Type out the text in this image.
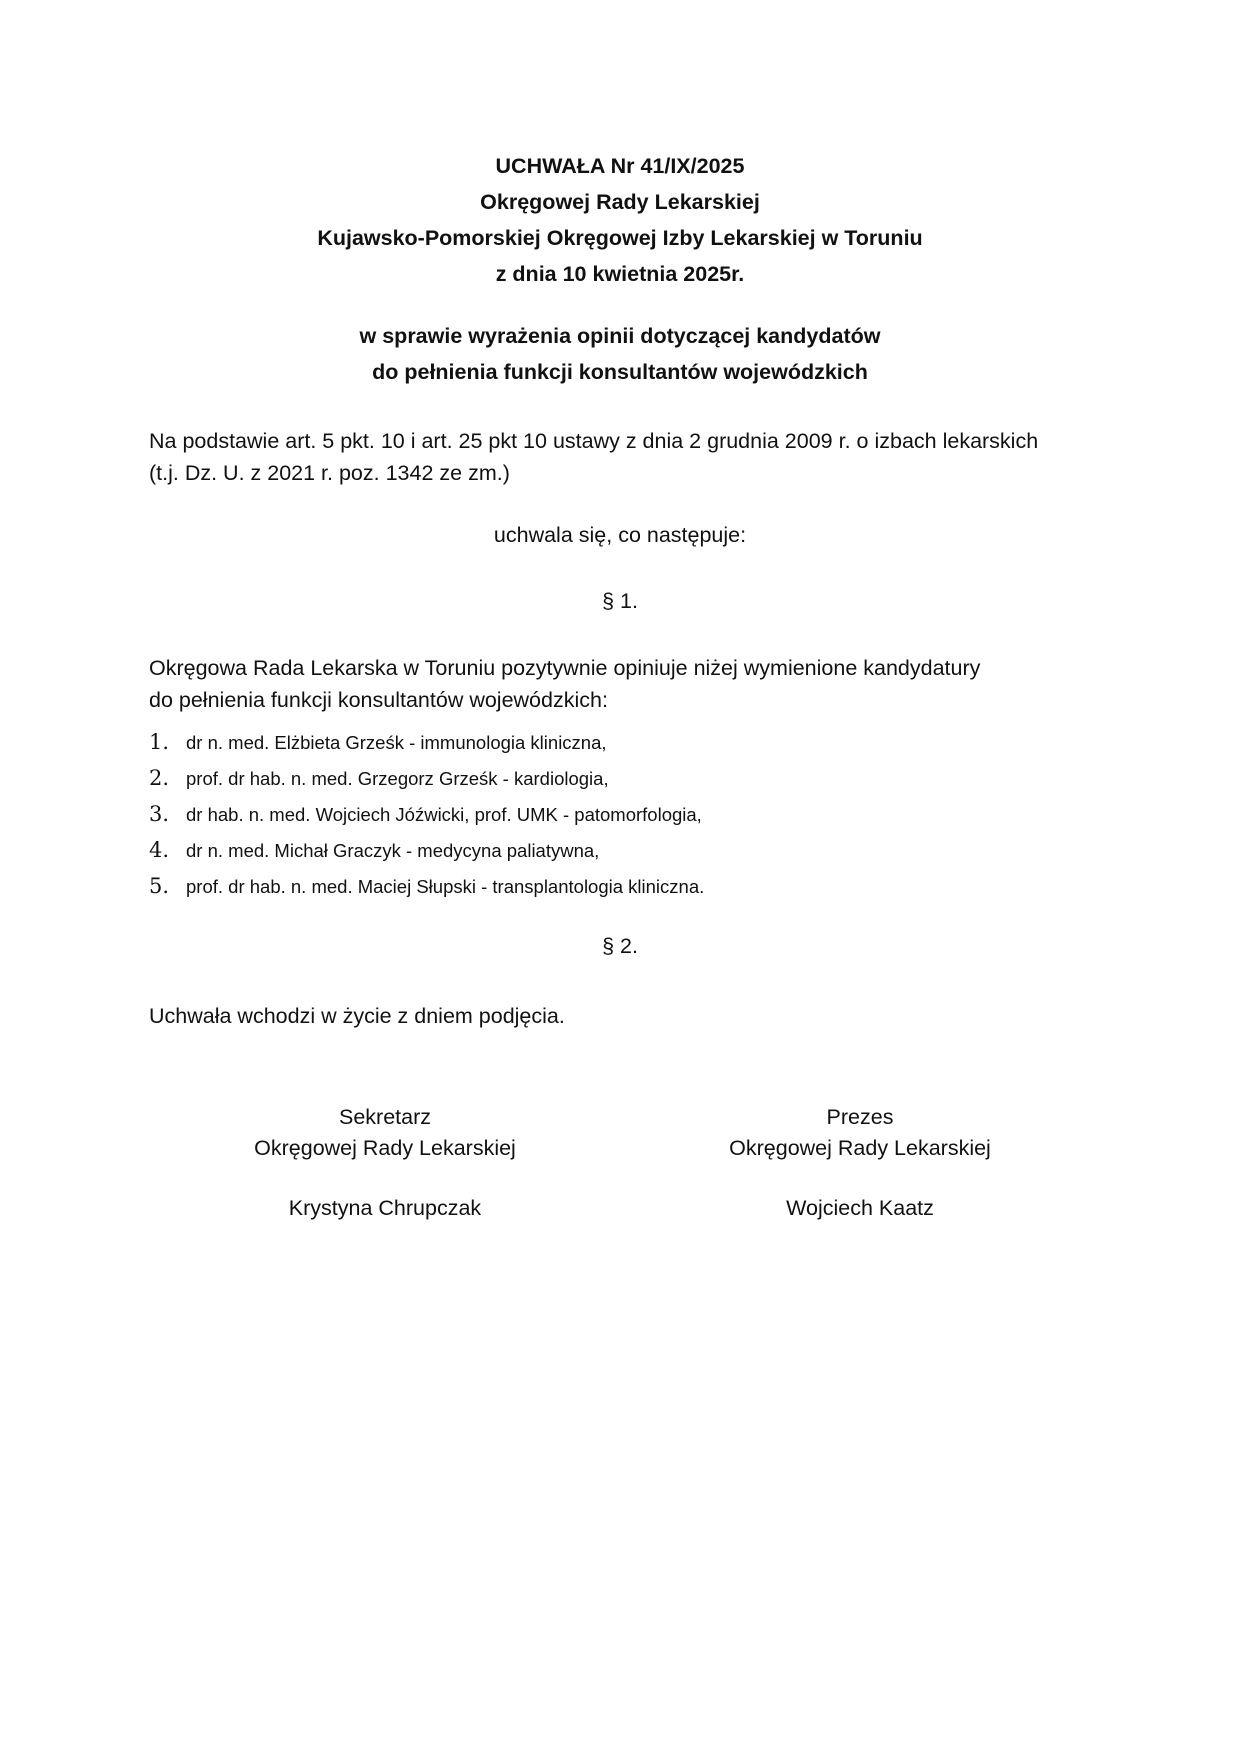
UCHWAŁA Nr 41/IX/2025
Okręgowej Rady Lekarskiej
Kujawsko-Pomorskiej Okręgowej Izby Lekarskiej w Toruniu
z dnia 10 kwietnia 2025r.
w sprawie wyrażenia opinii dotyczącej kandydatów
do pełnienia funkcji konsultantów wojewódzkich
Na podstawie art. 5 pkt. 10 i art. 25 pkt 10 ustawy z dnia 2 grudnia 2009 r. o izbach lekarskich
(t.j. Dz. U. z 2021 r. poz. 1342 ze zm.)
uchwala się, co następuje:
§ 1.
Okręgowa Rada Lekarska w Toruniu pozytywnie opiniuje niżej wymienione kandydatury
do pełnienia funkcji konsultantów wojewódzkich:
1. dr n. med. Elżbieta Grześk - immunologia kliniczna,
2. prof. dr hab. n. med. Grzegorz Grześk - kardiologia,
3. dr hab. n. med. Wojciech Jóźwicki, prof. UMK - patomorfologia,
4. dr n. med. Michał Graczyk - medycyna paliatywna,
5. prof. dr hab. n. med. Maciej Słupski - transplantologia kliniczna.
§ 2.
Uchwała wchodzi w życie z dniem podjęcia.
Sekretarz
Okręgowej Rady Lekarskiej
Krystyna Chrupczak
Prezes
Okręgowej Rady Lekarskiej
Wojciech Kaatz
